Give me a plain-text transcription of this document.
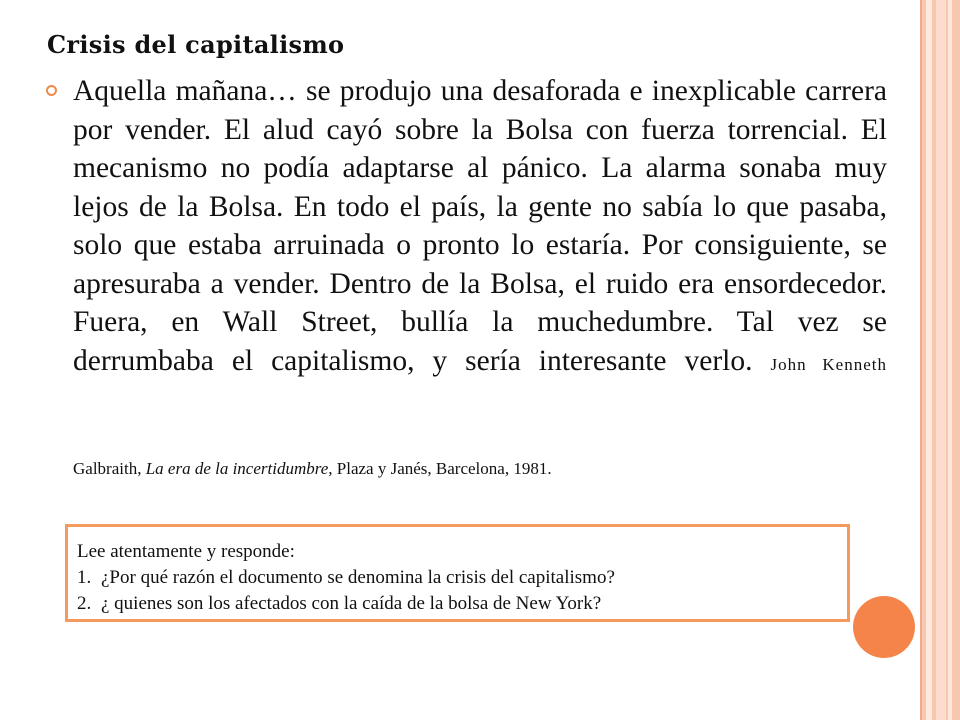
Crisis del capitalismo

Aquella mañana… se produjo una desaforada e inexplicable carrera por vender. El alud cayó sobre la Bolsa con fuerza torrencial. El mecanismo no podía adaptarse al pánico. La alarma sonaba muy lejos de la Bolsa. En todo el país, la gente no sabía lo que pasaba, solo que estaba arruinada o pronto lo estaría. Por consiguiente, se apresuraba a vender. Dentro de la Bolsa, el ruido era ensordecedor. Fuera, en Wall Street, bullía la muchedumbre. Tal vez se derrumbaba el capitalismo, y sería interesante verlo. John Kenneth

Galbraith, La era de la incertidumbre, Plaza y Janés, Barcelona, 1981.
Lee atentamente y responde:
1. ¿Por qué razón el documento se denomina la crisis del capitalismo?
2. ¿ quienes son los afectados con la caída de la bolsa de New York?
